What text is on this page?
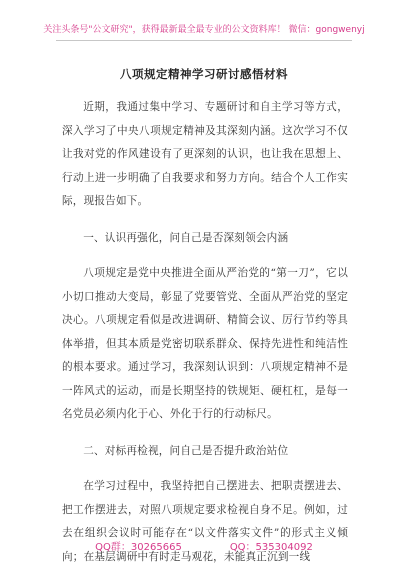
关注头条号"公文研究"，获得最新最全最专业的公文资料库！ 微信：gongwenyj
八项规定精神学习研讨感悟材料

近期，我通过集中学习、专题研讨和自主学习等方式，深入学习了中央八项规定精神及其深刻内涵。这次学习不仅让我对党的作风建设有了更深刻的认识，也让我在思想上、行动上进一步明确了自我要求和努力方向。结合个人工作实际，现报告如下。

一、认识再强化，问自己是否深刻领会内涵

八项规定是党中央推进全面从严治党的“第一刀”，它以小切口推动大变局，彰显了党要管党、全面从严治党的坚定决心。八项规定看似是改进调研、精简会议、厉行节约等具体举措，但其本质是党密切联系群众、保持先进性和纯洁性的根本要求。通过学习，我深刻认识到：八项规定精神不是一阵风式的运动，而是长期坚持的铁规矩、硬杠杠，是每一名党员必须内化于心、外化于行的行动标尺。

二、对标再检视，问自己是否提升政治站位

在学习过程中，我坚持把自己摆进去、把职责摆进去、把工作摆进去，对照八项规定要求检视自身不足。例如，过去在组织会议时可能存在“以文件落实文件”的形式主义倾向；在基层调研中有时走马观花，未能真正沉到一线

QQ群：30265665	QQ：535304092
